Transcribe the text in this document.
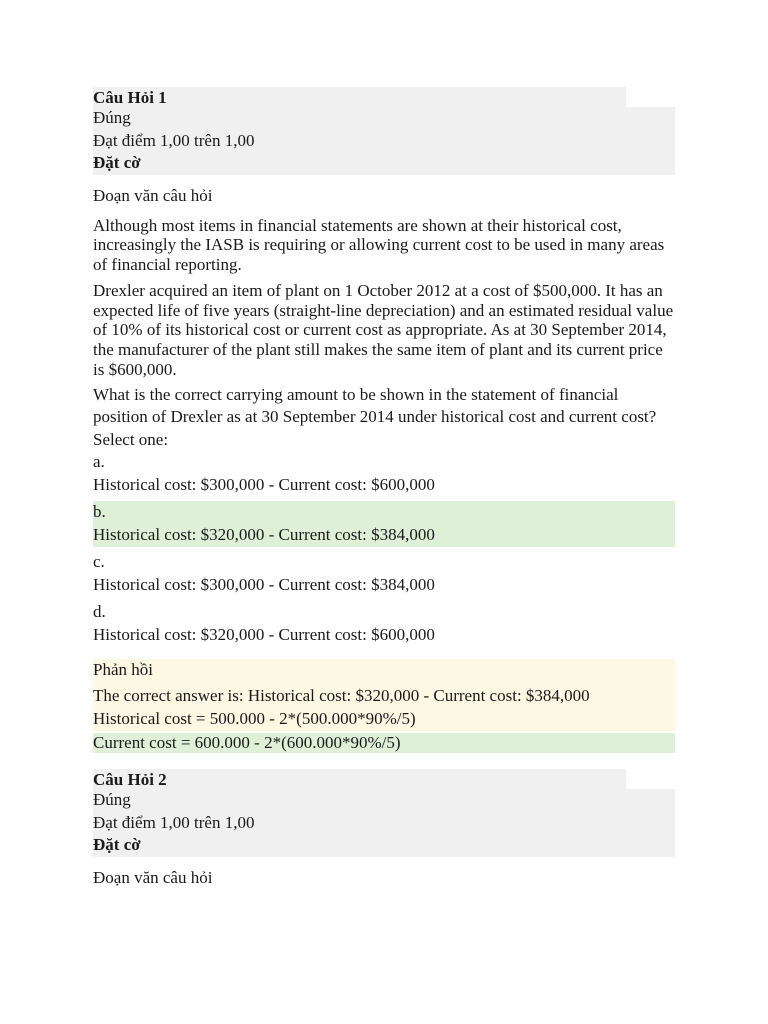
Câu Hỏi 1
Đúng
Đạt điểm 1,00 trên 1,00
Đặt cờ
Đoạn văn câu hỏi
Although most items in financial statements are shown at their historical cost, increasingly the IASB is requiring or allowing current cost to be used in many areas of financial reporting.
Drexler acquired an item of plant on 1 October 2012 at a cost of $500,000. It has an expected life of five years (straight-line depreciation) and an estimated residual value of 10% of its historical cost or current cost as appropriate. As at 30 September 2014, the manufacturer of the plant still makes the same item of plant and its current price is $600,000.
What is the correct carrying amount to be shown in the statement of financial position of Drexler as at 30 September 2014 under historical cost and current cost?
Select one:
a.
Historical cost: $300,000 - Current cost: $600,000
b.
Historical cost: $320,000 - Current cost: $384,000
c.
Historical cost: $300,000 - Current cost: $384,000
d.
Historical cost: $320,000 - Current cost: $600,000
Phản hồi
The correct answer is: Historical cost: $320,000 - Current cost: $384,000
Historical cost = 500.000 - 2*(500.000*90%/5)
Current cost = 600.000 - 2*(600.000*90%/5)
Câu Hỏi 2
Đúng
Đạt điểm 1,00 trên 1,00
Đặt cờ
Đoạn văn câu hỏi
